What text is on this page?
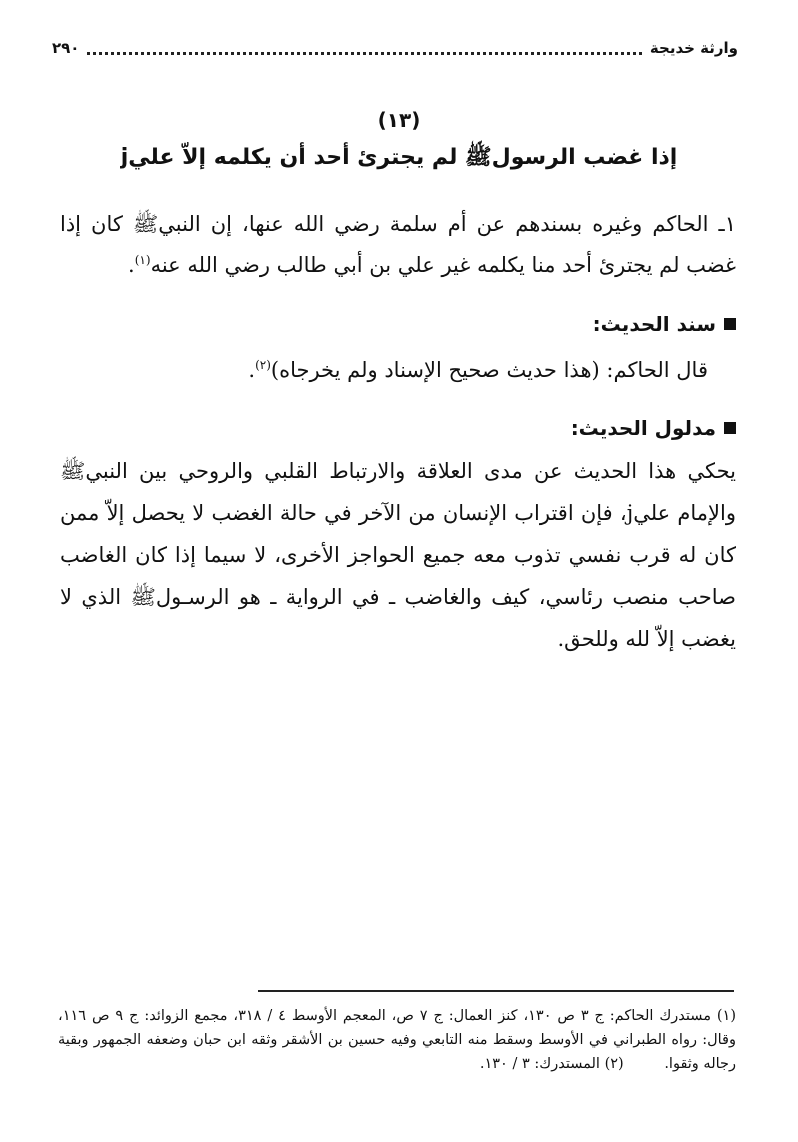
وارثة خديجة
٢٩٠
(١٣)
إذا غضب الرسولﷺ لم يجترئ أحد أن يكلمه إلاّ عليj
١ـ الحاكم وغيره بسندهم عن أم سلمة رضي الله عنها، إن النبيﷺ كان إذا غضب لم يجترئ أحد منا يكلمه غير علي بن أبي طالب رضي الله عنه$^{(١)}$.
سند الحديث:
قال الحاكم: (هذا حديث صحيح الإسناد ولم يخرجاه)$^{(٢)}$.
مدلول الحديث:
يحكي هذا الحديث عن مدى العلاقة والارتباط القلبي والروحي بين النبيﷺ والإمام عليj، فإن اقتراب الإنسان من الآخر في حالة الغضب لا يحصل إلاّ ممن كان له قرب نفسي تذوب معه جميع الحواجز الأخرى، لا سيما إذا كان الغاضب صاحب منصب رئاسي، كيف والغاضب ـ في الرواية ـ هو الرسـولﷺ الذي لا يغضب إلاّ لله وللحق.
(١) مستدرك الحاكم: ج ٣ ص ١٣٠، كنز العمال: ج ٧ ص، المعجم الأوسط ٤ / ٣١٨، مجمع الزوائد: ج ٩ ص ١١٦، وقال: رواه الطبراني في الأوسط وسقط منه التابعي وفيه حسين بن الأشقر وثقه ابن حبان وضعفه الجمهور وبقية رجاله وثقوا. (٢) المستدرك: ٣ / ١٣٠.
